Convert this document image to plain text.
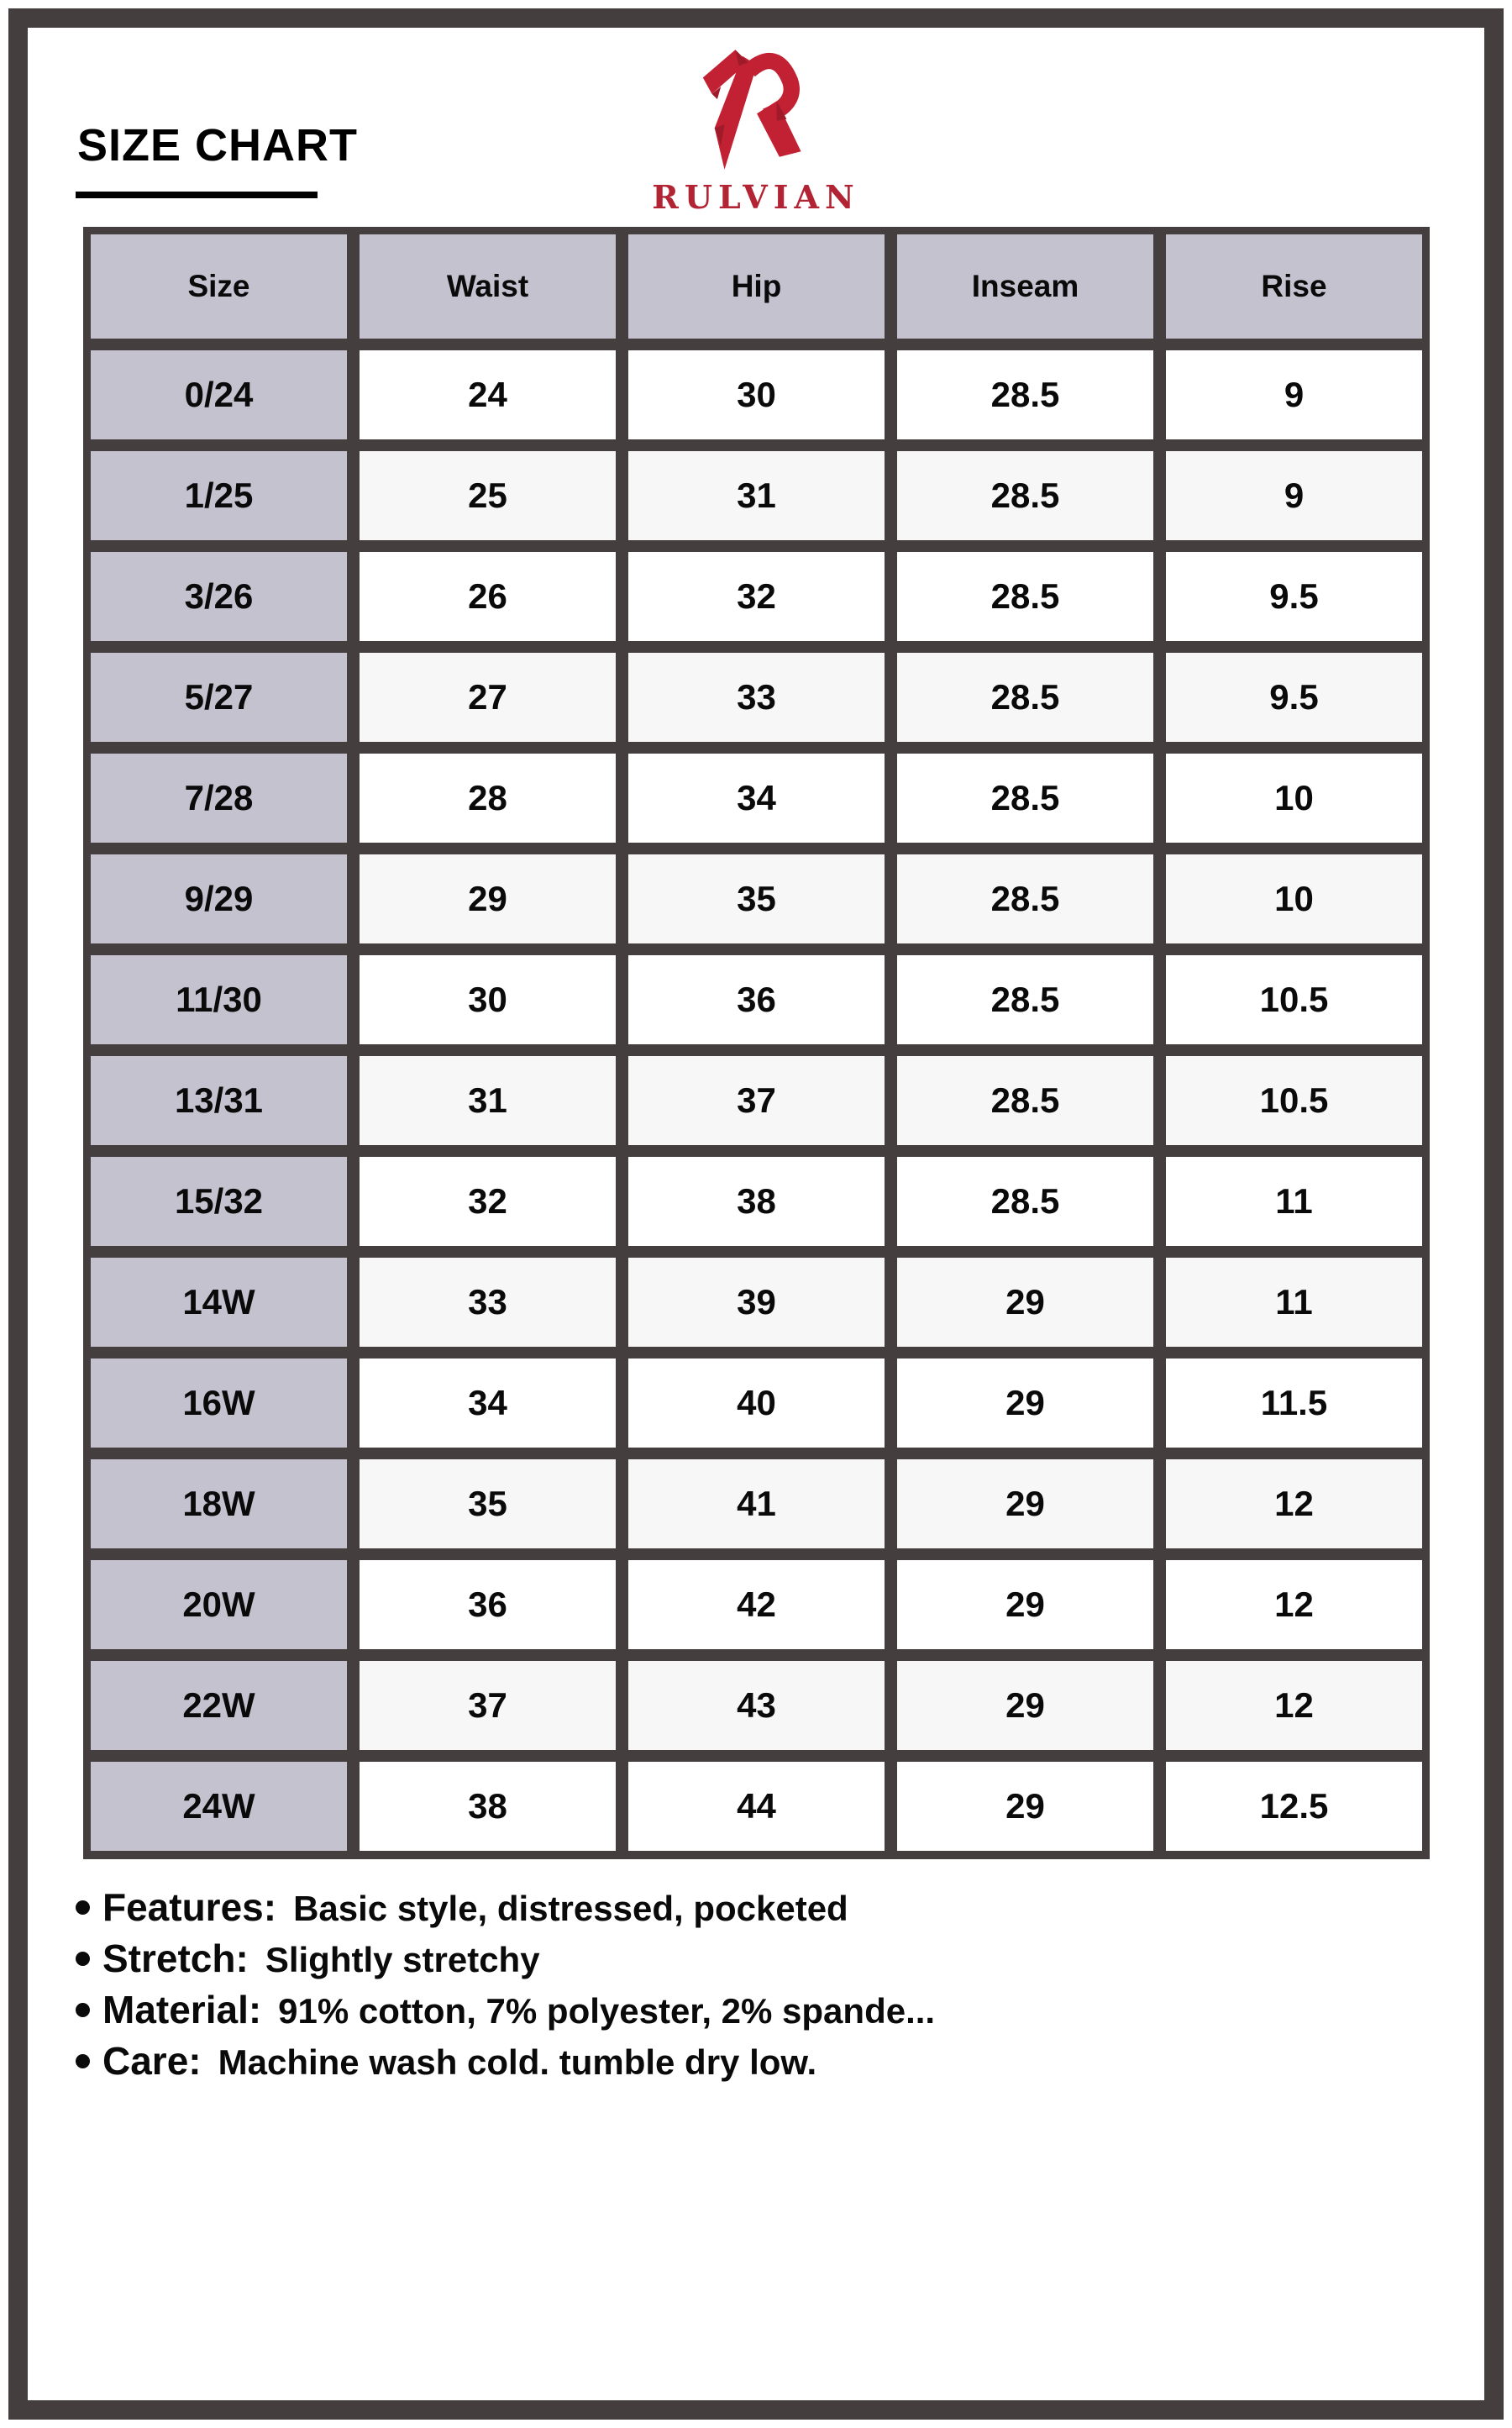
SIZE CHART
RULVIAN
Size	Waist	Hip	Inseam	Rise
0/24	24	30	28.5	9
1/25	25	31	28.5	9
3/26	26	32	28.5	9.5
5/27	27	33	28.5	9.5
7/28	28	34	28.5	10
9/29	29	35	28.5	10
11/30	30	36	28.5	10.5
13/31	31	37	28.5	10.5
15/32	32	38	28.5	11
14W	33	39	29	11
16W	34	40	29	11.5
18W	35	41	29	12
20W	36	42	29	12
22W	37	43	29	12
24W	38	44	29	12.5
Features: Basic style, distressed, pocketed
Stretch: Slightly stretchy
Material: 91% cotton, 7% polyester, 2% spande...
Care: Machine wash cold. tumble dry low.
